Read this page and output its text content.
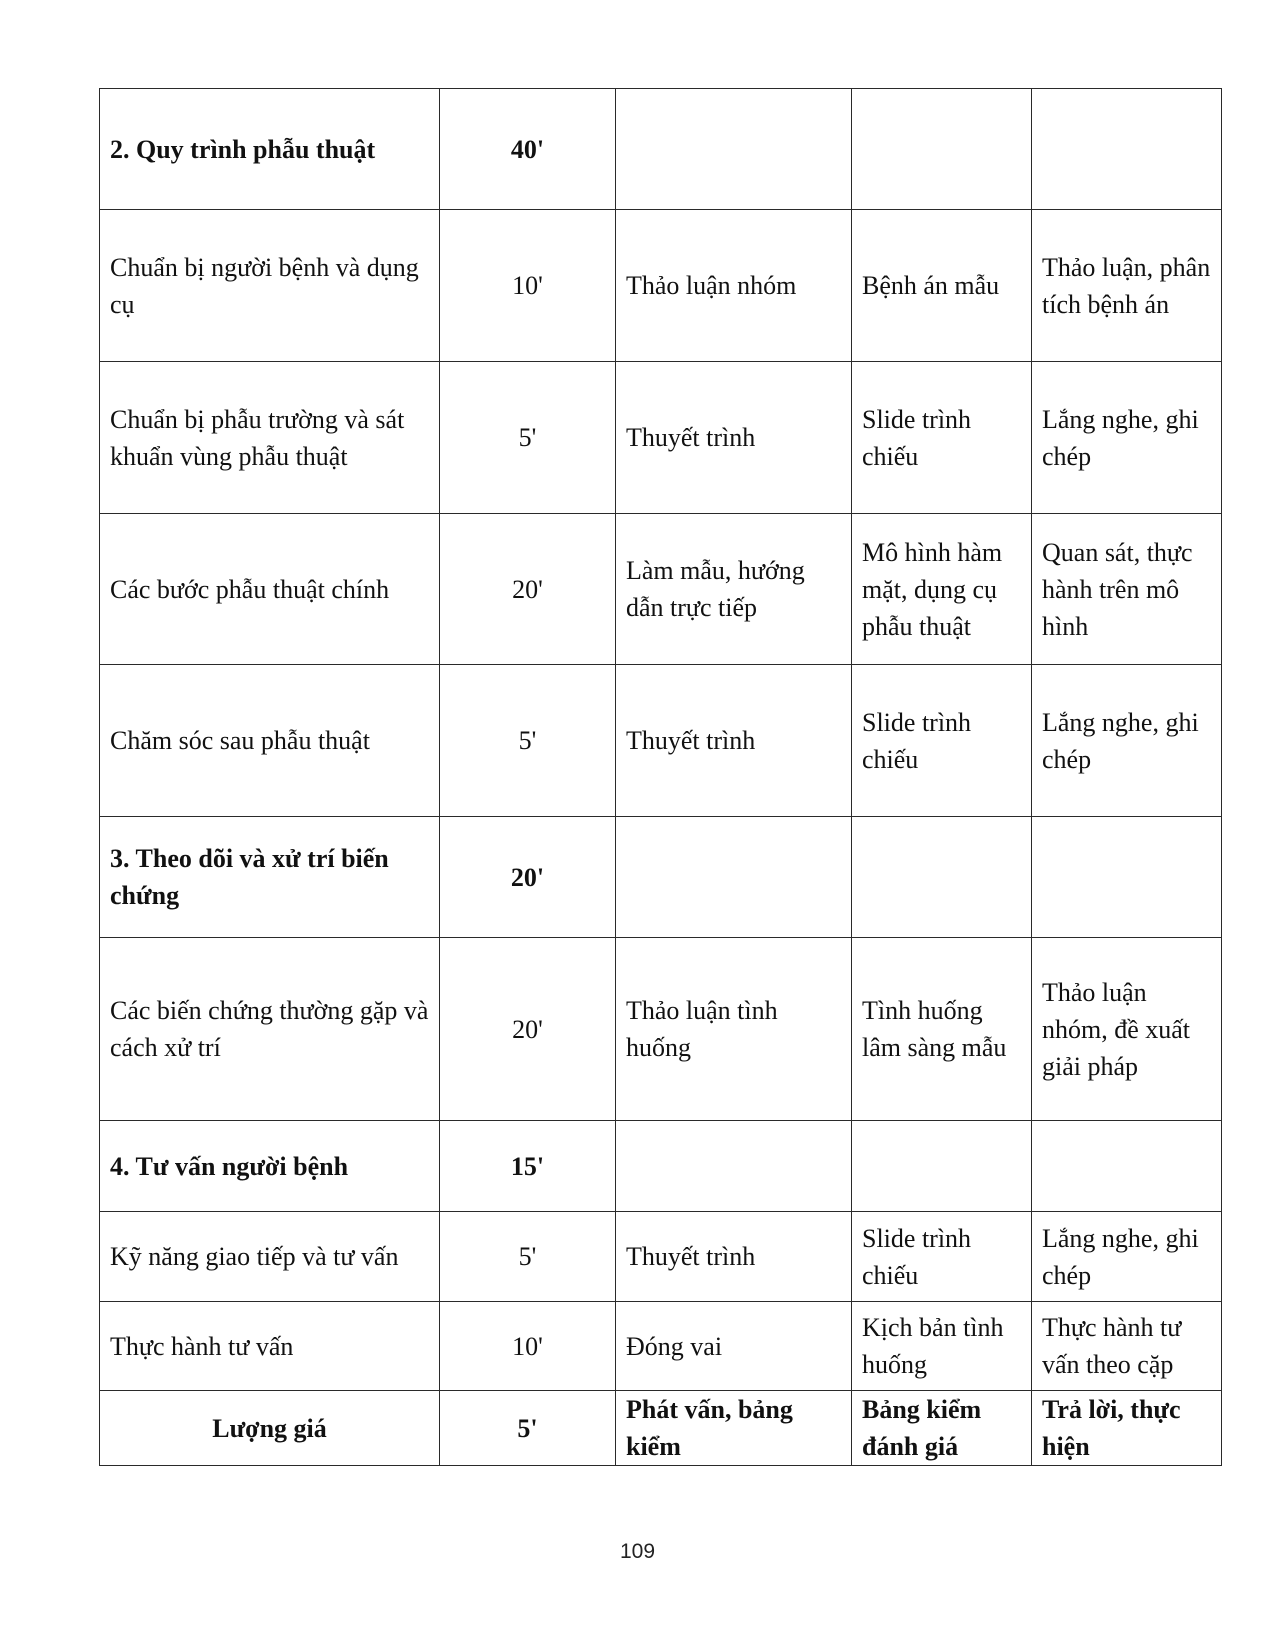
2. Quy trình phẫu thuật	40'			
Chuẩn bị người bệnh và dụng cụ	10'	Thảo luận nhóm	Bệnh án mẫu	Thảo luận, phân tích bệnh án
Chuẩn bị phẫu trường và sát khuẩn vùng phẫu thuật	5'	Thuyết trình	Slide trình chiếu	Lắng nghe, ghi chép
Các bước phẫu thuật chính	20'	Làm mẫu, hướng dẫn trực tiếp	Mô hình hàm mặt, dụng cụ phẫu thuật	Quan sát, thực hành trên mô hình
Chăm sóc sau phẫu thuật	5'	Thuyết trình	Slide trình chiếu	Lắng nghe, ghi chép
3. Theo dõi và xử trí biến chứng	20'			
Các biến chứng thường gặp và cách xử trí	20'	Thảo luận tình huống	Tình huống lâm sàng mẫu	Thảo luận nhóm, đề xuất giải pháp
4. Tư vấn người bệnh	15'			
Kỹ năng giao tiếp và tư vấn	5'	Thuyết trình	Slide trình chiếu	Lắng nghe, ghi chép
Thực hành tư vấn	10'	Đóng vai	Kịch bản tình huống	Thực hành tư vấn theo cặp
Lượng giá	5'	Phát vấn, bảng kiểm	Bảng kiểm đánh giá	Trả lời, thực hiện
109
